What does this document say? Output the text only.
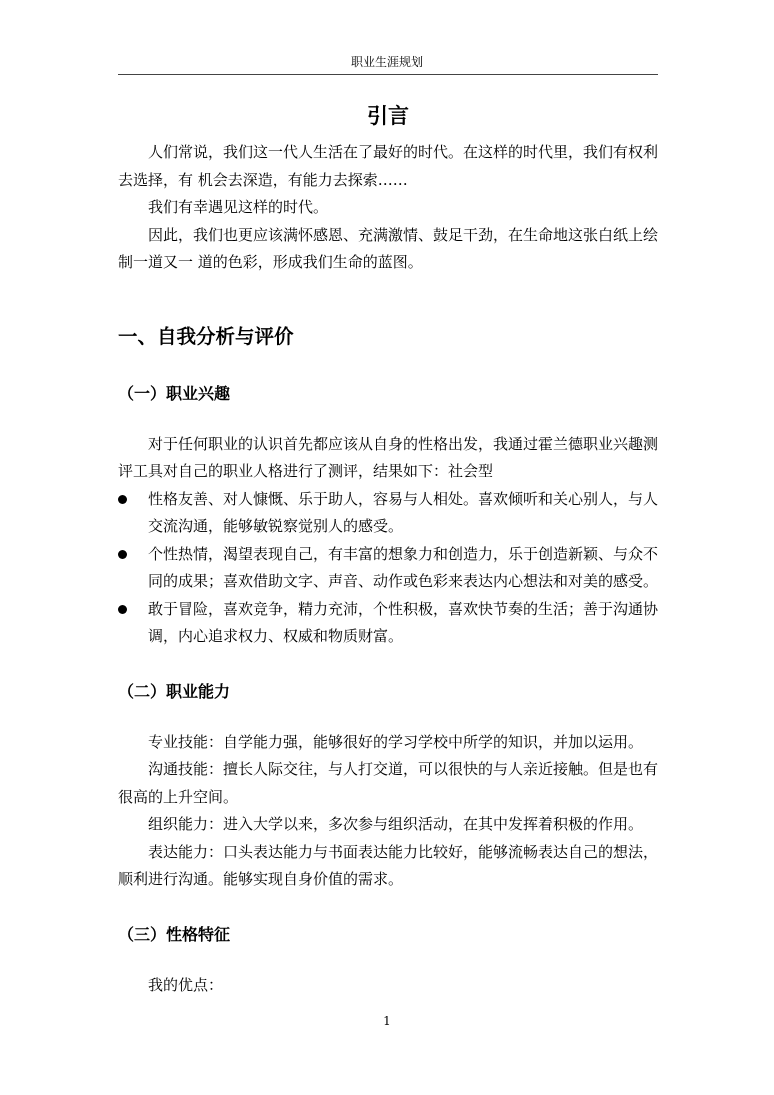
职业生涯规划
引言

人们常说，我们这一代人生活在了最好的时代。在这样的时代里，我们有权利去选择，有 机会去深造，有能力去探索……

我们有幸遇见这样的时代。

因此，我们也更应该满怀感恩、充满激情、鼓足干劲，在生命地这张白纸上绘制一道又一 道的色彩，形成我们生命的蓝图。

一、自我分析与评价
（一）职业兴趣

对于任何职业的认识首先都应该从自身的性格出发，我通过霍兰德职业兴趣测评工具对自己的职业人格进行了测评，结果如下：社会型

性格友善、对人慷慨、乐于助人，容易与人相处。喜欢倾听和关心别人，与人交流沟通，能够敏锐察觉别人的感受。
个性热情，渴望表现自己，有丰富的想象力和创造力，乐于创造新颖、与众不同的成果；喜欢借助文字、声音、动作或色彩来表达内心想法和对美的感受。
敢于冒险，喜欢竞争，精力充沛，个性积极，喜欢快节奏的生活；善于沟通协调，内心追求权力、权威和物质财富。
（二）职业能力

专业技能：自学能力强，能够很好的学习学校中所学的知识，并加以运用。

沟通技能：擅长人际交往，与人打交道，可以很快的与人亲近接触。但是也有很高的上升空间。

组织能力：进入大学以来，多次参与组织活动，在其中发挥着积极的作用。

表达能力：口头表达能力与书面表达能力比较好，能够流畅表达自己的想法，顺利进行沟通。能够实现自身价值的需求。

（三）性格特征

我的优点：

1
